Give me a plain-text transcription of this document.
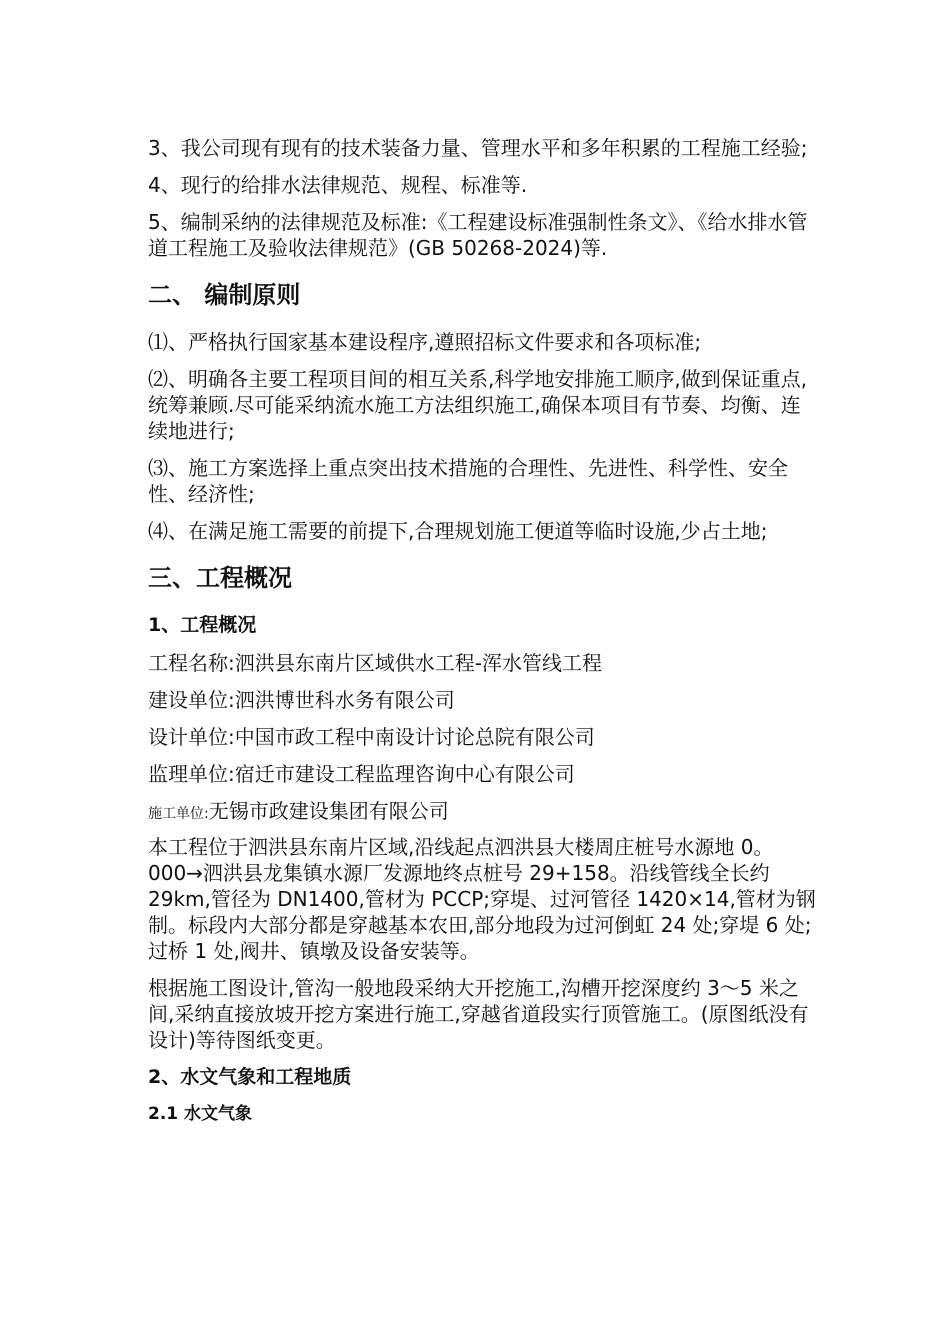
3、我公司现有现有的技术装备力量、管理水平和多年积累的工程施工经验;

4、现行的给排水法律规范、规程、标准等.

5、编制采纳的法律规范及标准:《工程建设标准强制性条文》、《给水排水管道工程施工及验收法律规范》(GB 50268-2024)等.

二、 编制原则

⑴、严格执行国家基本建设程序,遵照招标文件要求和各项标准;

⑵、明确各主要工程项目间的相互关系,科学地安排施工顺序,做到保证重点,统筹兼顾.尽可能采纳流水施工方法组织施工,确保本项目有节奏、均衡、连续地进行;

⑶、施工方案选择上重点突出技术措施的合理性、先进性、科学性、安全性、经济性;

⑷、在满足施工需要的前提下,合理规划施工便道等临时设施,少占土地;

三、工程概况

1、工程概况

工程名称:泗洪县东南片区域供水工程-浑水管线工程

建设单位:泗洪博世科水务有限公司

设计单位:中国市政工程中南设计讨论总院有限公司

监理单位:宿迁市建设工程监理咨询中心有限公司

施工单位:无锡市政建设集团有限公司

本工程位于泗洪县东南片区域,沿线起点泗洪县大楼周庄桩号水源地 0。000→泗洪县龙集镇水源厂发源地终点桩号 29+158。沿线管线全长约 29km,管径为 DN1400,管材为 PCCP;穿堤、过河管径 1420×14,管材为钢制。标段内大部分都是穿越基本农田,部分地段为过河倒虹 24 处;穿堤 6 处;过桥 1 处,阀井、镇墩及设备安装等。

根据施工图设计,管沟一般地段采纳大开挖施工,沟槽开挖深度约 3～5 米之间,采纳直接放坡开挖方案进行施工,穿越省道段实行顶管施工。(原图纸没有设计)等待图纸变更。

2、水文气象和工程地质

2.1 水文气象
